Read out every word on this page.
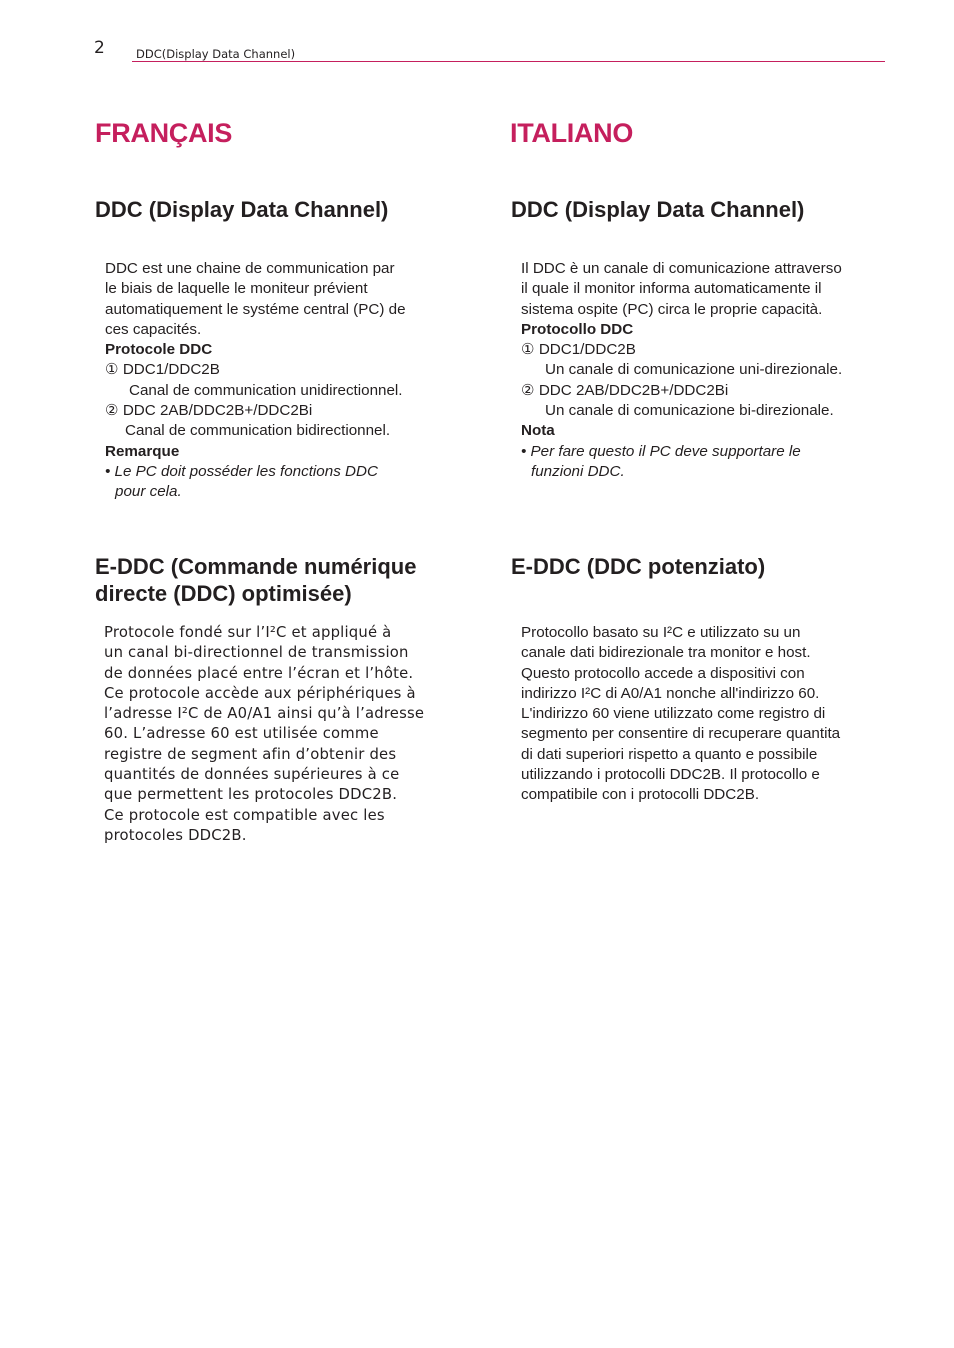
2	DDC(Display Data Channel)
FRANÇAIS
DDC (Display Data Channel)

DDC est une chaine de communication par

le biais de laquelle le moniteur prévient

automatiquement le systéme central (PC) de

ces capacités.

Protocole DDC

① DDC1/DDC2B

Canal de communication unidirectionnel.

② DDC 2AB/DDC2B+/DDC2Bi

Canal de communication bidirectionnel.

Remarque

• Le PC doit posséder les fonctions DDC

pour cela.

E-DDC (Commande numérique
directe (DDC) optimisée)

Protocole fondé sur l’I²C et appliqué à

un canal bi-directionnel de transmission

de données placé entre l’écran et l’hôte.

Ce protocole accède aux périphériques à

l’adresse I²C de A0/A1 ainsi qu’à l’adresse

60. L’adresse 60 est utilisée comme

registre de segment afin d’obtenir des

quantités de données supérieures à ce

que permettent les protocoles DDC2B.

Ce protocole est compatible avec les

protocoles DDC2B.

ITALIANO
DDC (Display Data Channel)

Il DDC è un canale di comunicazione attraverso

il quale il monitor informa automaticamente il

sistema ospite (PC) circa le proprie capacità.

Protocollo DDC

① DDC1/DDC2B

Un canale di comunicazione uni-direzionale.

② DDC 2AB/DDC2B+/DDC2Bi

Un canale di comunicazione bi-direzionale.

Nota

• Per fare questo il PC deve supportare le

funzioni DDC.

E-DDC (DDC potenziato)

Protocollo basato su I²C e utilizzato su un

canale dati bidirezionale tra monitor e host.

Questo protocollo accede a dispositivi con

indirizzo I²C di A0/A1 nonche all'indirizzo 60.

L'indirizzo 60 viene utilizzato come registro di

segmento per consentire di recuperare quantita

di dati superiori rispetto a quanto e possibile

utilizzando i protocolli DDC2B. Il protocollo e

compatibile con i protocolli DDC2B.
